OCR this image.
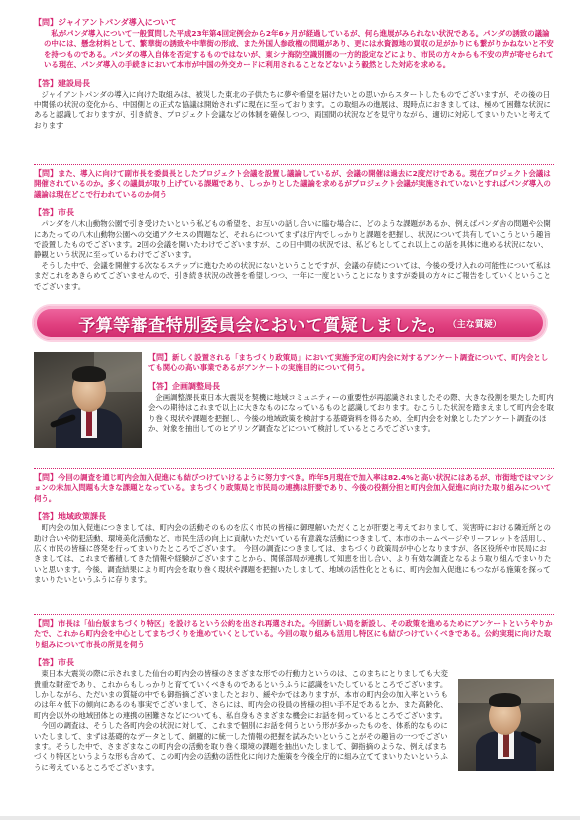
【問】ジャイアントパンダ導入について

　私がパンダ導入について一般質問した平成23年第4回定例会から2年6ヶ月が経過しているが、何ら進展がみられない状況である。パンダの誘致の議論の中には、懸念材料として、繁華街の誘致や中華街の形成、また外国人参政権の問題があり、更には水資源地の買収の足がかりにも繋がりかねないと不安を持つものである。パンダの導入自体を否定するものではないが、東シナ海防空識別圏の一方的設定などにより、市民の方々からも不安の声が寄せられている現在、パンダ導入の手続きにおいて本市が中国の外交カードに利用されることなどないよう毅然とした対応を求める。

【答】建設局長

　ジャイアントパンダの導入に向けた取組みは、被災した東北の子供たちに夢や希望を届けたいとの思いからスタートしたものでございますが、その後の日中関係の状況の変化から、中国側との正式な協議は開始されずに現在に至っております。この取組みの進展は、現時点におきましては、極めて困難な状況にあると認識しておりますが、引き続き、プロジェクト会議などの体制を確保しつつ、両国間の状況などを見守りながら、適切に対応してまいりたいと考えております

【問】また、導入に向けて副市長を委員長としたプロジェクト会議を設置し議論しているが、会議の開催は過去に2度だけである。現在プロジェクト会議は開催されているのか。多くの議員が取り上げている課題であり、しっかりとした議論を求めるがプロジェクト会議が実施されていないとすればパンダ導入の議論は現在どこで行われているのか伺う

【答】市長

　パンダを八木山動物公園で引き受けたいという私どもの希望を、お互いの話し合いに臨む場合に、どのような課題があるか、例えばパンダ舎の問題や公開にあたっての八木山動物公園への交通アクセスの問題など、それらについてまずは庁内でしっかりと課題を把握し、状況について共有していこうという趣旨で設置したものでございます。2回の会議を開いたわけでございますが、この日中間の状況では、私どもとしてこれ以上この話を具体に進める状況にない、静観という状況に至っているわけでございます。
　そうした中で、会議を開催する次なるステップに進むための状況にないということですが、会議の存続については、今後の受け入れの可能性について私はまだこれをあきらめてございませんので、引き続き状況の改善を希望しつつ、一年に一度ということになりますが委員の方々にご報告をしていくということでございます。

予算等審査特別委員会において質疑しました。 （主な質疑）

【問】新しく設置される「まちづくり政策局」において実施予定の町内会に対するアンケート調査について、町内会としても関心の高い事業であるがアンケートの実施目的について伺う。

【答】企画調整局長

　企画調整課長東日本大震災を契機に地域コミュニティーの重要性が再認識されましたその際、大きな役割を果たした町内会への期待はこれまで以上に大きなものになっているものと認識しております。むこうした状況を踏まえまして町内会を取り巻く現状や課題を把握し、今後の地域政策を検討する基礎資料を得るため、全町内会を対象としたアンケート調査のほか、対象を抽出してのヒアリング調査などについて検討しているところでございます。

【問】今回の調査を通じ町内会加入促進にも結びつけていけるように努力すべき。昨年5月現在で加入率は82.4%と高い状況にはあるが、市街地ではマンションの未加入問題も大きな課題となっている。まちづくり政策局と市民局の連携は肝要であり、今後の役割分担と町内会加入促進に向けた取り組みについて伺う。

【答】地域政策課長

　町内会の加入促進につきましては、町内会の活動そのものを広く市民の皆様に御理解いただくことが肝要と考えておりまして、災害時における隣近所との助け合いや防犯活動、環境美化活動など、市民生活の向上に貢献いただいている有意義な活動につきまして、本市のホームページやリーフレットを活用し、広く市民の皆様に啓発を行ってまいりたところでございます。　今回の調査につきましては、まちづくり政策局が中心となりますが、各区役所や市民局におきましては、これまで蓄積してきた情報や経験がございますことから、関係部局が連携して知恵を出し合い、より有効な調査となるよう取り組んでまいりたいと思います。今後、調査結果により町内会を取り巻く現状や課題を把握いたしまして、地域の活性化とともに、町内会加入促進にもつながる施策を探ってまいりたいというふうに存ります。

【問】市長は「仙台版まちづくり特区」を設けるという公約を出され再選された。今回新しい局を新設し、その政策を進めるためにアンケートというやりかたで、これから町内会を中心としてまちづくりを進めていくとしている。今回の取り組みも活用し特区にも結びつけていくべきである。公約実現に向けた取り組みについて市長の所見を伺う

【答】市長

　東日本大震災の際に示されました仙台の町内会の皆様のさまざまな形での行動力というのは、このまちにとりましても大変貴重な財産であり、これからもしっかりと育てていくべきものであるというふうに認識をいたしているところでございます。しかしながら、ただいまの質疑の中でも御指摘ございましたとおり、緩やかではありますが、本市の町内会の加入率というものは年々低下の傾向にあるのも事実でございまして、さらには、町内会の役員の皆様の担い手不足であるとか、また高齢化、町内会以外の地域団体との連携の困難さなどについても、私自身もさまざまな機会にお話を伺っているところでございます。
　今回の調査は、そうした各町内会の状況に対して、これまで個別にお話を伺うという形が多かったものを、体系的なものにいたしまして、まずは基礎的なデータとして、網羅的に統一した情報の把握を試みたいということがその趣旨の一つでございます。そうした中で、さまざまなこの町内会の活動を取り巻く環境の課題を抽出いたしまして、御指摘のような、例えばまちづくり特区というような形も含めて、この町内会の活動の活性化に向けた施策を今後全庁的に組み立ててまいりたいというふうに考えているところでございます。
